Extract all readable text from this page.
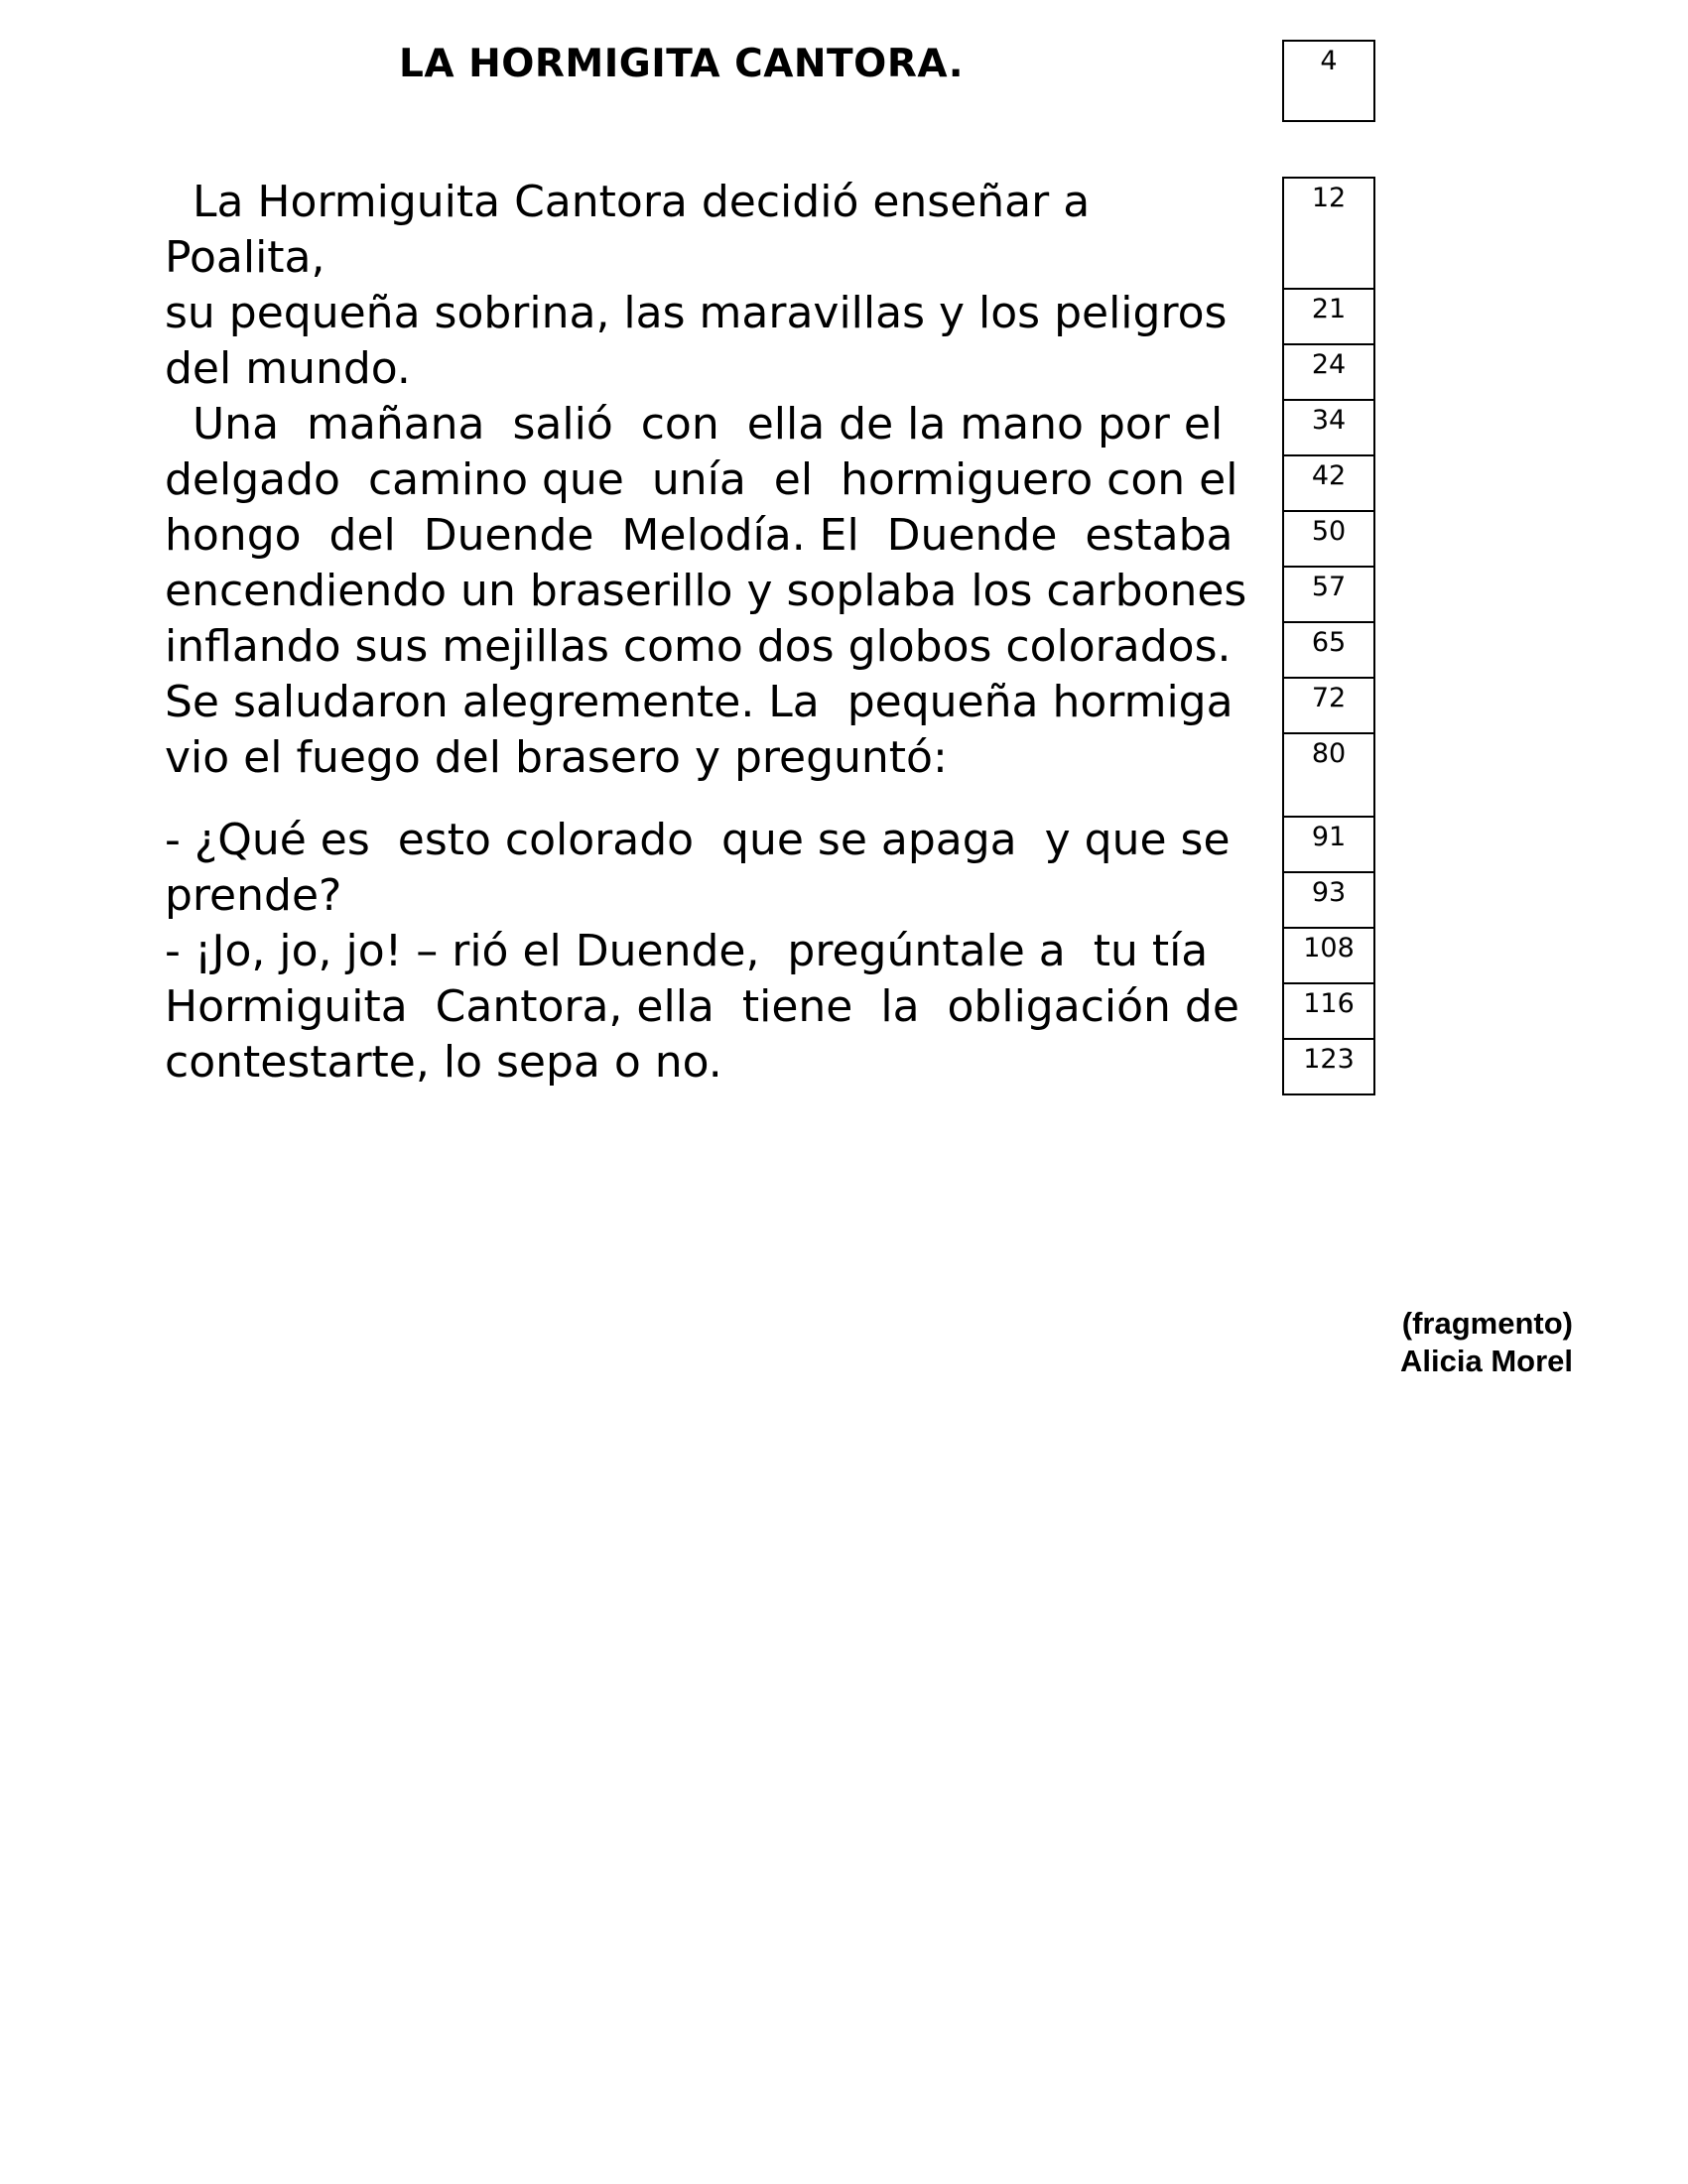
LA HORMIGITA CANTORA.	4
La Hormiguita Cantora decidió enseñar a
Poalita,
su pequeña sobrina, las maravillas y los peligros
del mundo.
Una  mañana  salió  con  ella de la mano por el
delgado  camino que  unía  el  hormiguero con el
hongo  del  Duende  Melodía. El  Duende  estaba
encendiendo un braserillo y soplaba los carbones
inflando sus mejillas como dos globos colorados.
Se saludaron alegremente. La  pequeña hormiga
vio el fuego del brasero y preguntó:
- ¿Qué es  esto colorado  que se apaga  y que se
prende?
- ¡Jo, jo, jo! – rió el Duende,  pregúntale a  tu tía
Hormiguita  Cantora, ella  tiene  la  obligación de
contestarte, lo sepa o no.
12
21
24
34
42
50
57
65
72
80
91
93
108
116
123
(fragmento)
Alicia Morel
